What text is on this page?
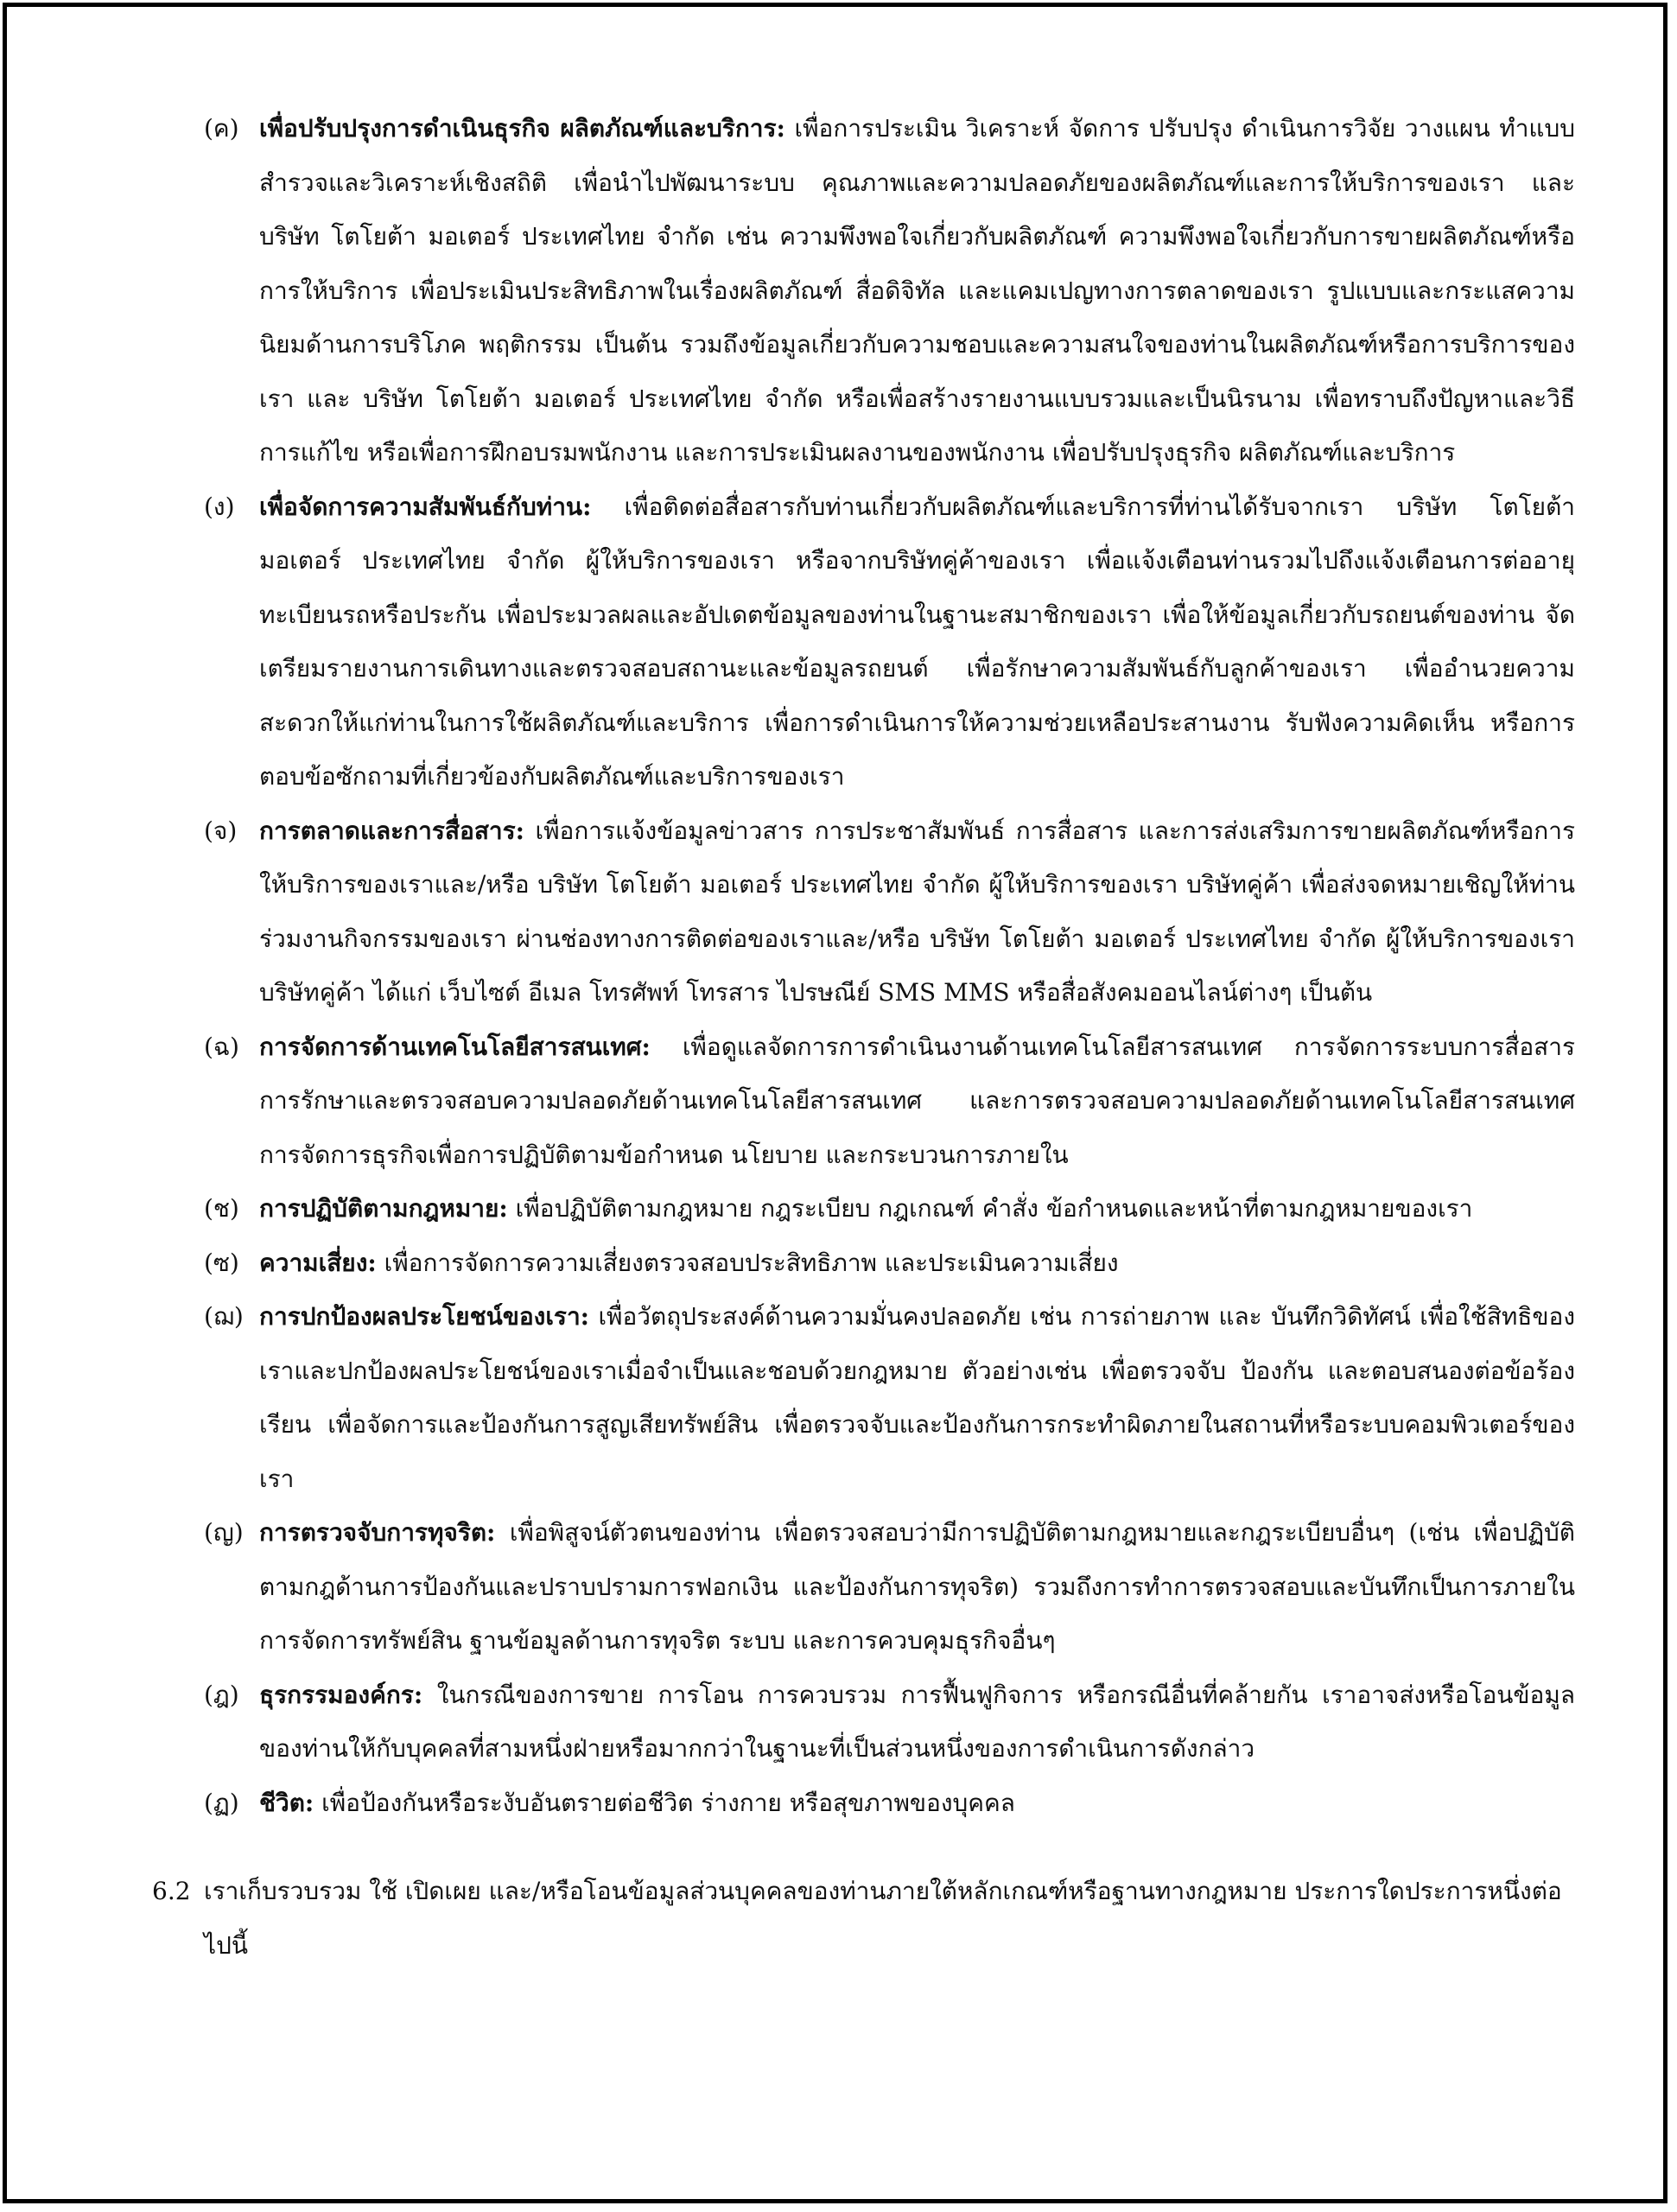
(ค) เพื่อปรับปรุงการดำเนินธุรกิจ ผลิตภัณฑ์และบริการ: เพื่อการประเมิน วิเคราะห์ จัดการ ปรับปรุง ดำเนินการวิจัย วางแผน ทำแบบสำรวจและวิเคราะห์เชิงสถิติ เพื่อนำไปพัฒนาระบบ คุณภาพและความปลอดภัยของผลิตภัณฑ์และการให้บริการของเรา และ บริษัท โตโยต้า มอเตอร์ ประเทศไทย จำกัด เช่น ความพึงพอใจเกี่ยวกับผลิตภัณฑ์ ความพึงพอใจเกี่ยวกับการขายผลิตภัณฑ์หรือการให้บริการ เพื่อประเมินประสิทธิภาพในเรื่องผลิตภัณฑ์ สื่อดิจิทัล และแคมเปญทางการตลาดของเรา รูปแบบและกระแสความนิยมด้านการบริโภค พฤติกรรม เป็นต้น รวมถึงข้อมูลเกี่ยวกับความชอบและความสนใจของท่านในผลิตภัณฑ์หรือการบริการของเรา และ บริษัท โตโยต้า มอเตอร์ ประเทศไทย จำกัด หรือเพื่อสร้างรายงานแบบรวมและเป็นนิรนาม เพื่อทราบถึงปัญหาและวิธีการแก้ไข หรือเพื่อการฝึกอบรมพนักงาน และการประเมินผลงานของพนักงาน เพื่อปรับปรุงธุรกิจ ผลิตภัณฑ์และบริการ
(ง) เพื่อจัดการความสัมพันธ์กับท่าน: เพื่อติดต่อสื่อสารกับท่านเกี่ยวกับผลิตภัณฑ์และบริการที่ท่านได้รับจากเรา บริษัท โตโยต้า มอเตอร์ ประเทศไทย จำกัด ผู้ให้บริการของเรา หรือจากบริษัทคู่ค้าของเรา เพื่อแจ้งเตือนท่านรวมไปถึงแจ้งเตือนการต่ออายุทะเบียนรถหรือประกัน เพื่อประมวลผลและอัปเดตข้อมูลของท่านในฐานะสมาชิกของเรา เพื่อให้ข้อมูลเกี่ยวกับรถยนต์ของท่าน จัดเตรียมรายงานการเดินทางและตรวจสอบสถานะและข้อมูลรถยนต์ เพื่อรักษาความสัมพันธ์กับลูกค้าของเรา เพื่ออำนวยความสะดวกให้แก่ท่านในการใช้ผลิตภัณฑ์และบริการ เพื่อการดำเนินการให้ความช่วยเหลือประสานงาน รับฟังความคิดเห็น หรือการตอบข้อซักถามที่เกี่ยวข้องกับผลิตภัณฑ์และบริการของเรา
(จ) การตลาดและการสื่อสาร: เพื่อการแจ้งข้อมูลข่าวสาร การประชาสัมพันธ์ การสื่อสาร และการส่งเสริมการขายผลิตภัณฑ์หรือการให้บริการของเราและ/หรือ บริษัท โตโยต้า มอเตอร์ ประเทศไทย จำกัด ผู้ให้บริการของเรา บริษัทคู่ค้า เพื่อส่งจดหมายเชิญให้ท่านร่วมงานกิจกรรมของเรา ผ่านช่องทางการติดต่อของเราและ/หรือ บริษัท โตโยต้า มอเตอร์ ประเทศไทย จำกัด ผู้ให้บริการของเรา บริษัทคู่ค้า ได้แก่ เว็บไซต์ อีเมล โทรศัพท์ โทรสาร ไปรษณีย์ SMS MMS หรือสื่อสังคมออนไลน์ต่างๆ เป็นต้น
(ฉ) การจัดการด้านเทคโนโลยีสารสนเทศ: เพื่อดูแลจัดการการดำเนินงานด้านเทคโนโลยีสารสนเทศ การจัดการระบบการสื่อสาร การรักษาและตรวจสอบความปลอดภัยด้านเทคโนโลยีสารสนเทศ และการตรวจสอบความปลอดภัยด้านเทคโนโลยีสารสนเทศ การจัดการธุรกิจเพื่อการปฏิบัติตามข้อกำหนด นโยบาย และกระบวนการภายใน
(ช) การปฏิบัติตามกฎหมาย: เพื่อปฏิบัติตามกฎหมาย กฎระเบียบ กฎเกณฑ์ คำสั่ง ข้อกำหนดและหน้าที่ตามกฎหมายของเรา
(ซ) ความเสี่ยง: เพื่อการจัดการความเสี่ยงตรวจสอบประสิทธิภาพ และประเมินความเสี่ยง
(ฌ) การปกป้องผลประโยชน์ของเรา: เพื่อวัตถุประสงค์ด้านความมั่นคงปลอดภัย เช่น การถ่ายภาพ และ บันทึกวิดิทัศน์ เพื่อใช้สิทธิของเราและปกป้องผลประโยชน์ของเราเมื่อจำเป็นและชอบด้วยกฎหมาย ตัวอย่างเช่น เพื่อตรวจจับ ป้องกัน และตอบสนองต่อข้อร้องเรียน เพื่อจัดการและป้องกันการสูญเสียทรัพย์สิน เพื่อตรวจจับและป้องกันการกระทำผิดภายในสถานที่หรือระบบคอมพิวเตอร์ของเรา
(ญ) การตรวจจับการทุจริต: เพื่อพิสูจน์ตัวตนของท่าน เพื่อตรวจสอบว่ามีการปฏิบัติตามกฎหมายและกฎระเบียบอื่นๆ (เช่น เพื่อปฏิบัติตามกฎด้านการป้องกันและปราบปรามการฟอกเงิน และป้องกันการทุจริต) รวมถึงการทำการตรวจสอบและบันทึกเป็นการภายใน การจัดการทรัพย์สิน ฐานข้อมูลด้านการทุจริต ระบบ และการควบคุมธุรกิจอื่นๆ
(ฎ) ธุรกรรมองค์กร: ในกรณีของการขาย การโอน การควบรวม การฟื้นฟูกิจการ หรือกรณีอื่นที่คล้ายกัน เราอาจส่งหรือโอนข้อมูลของท่านให้กับบุคคลที่สามหนึ่งฝ่ายหรือมากกว่าในฐานะที่เป็นส่วนหนึ่งของการดำเนินการดังกล่าว
(ฏ) ชีวิต: เพื่อป้องกันหรือระงับอันตรายต่อชีวิต ร่างกาย หรือสุขภาพของบุคคล
6.2 เราเก็บรวบรวม ใช้ เปิดเผย และ/หรือโอนข้อมูลส่วนบุคคลของท่านภายใต้หลักเกณฑ์หรือฐานทางกฎหมาย ประการใดประการหนึ่งต่อไปนี้
